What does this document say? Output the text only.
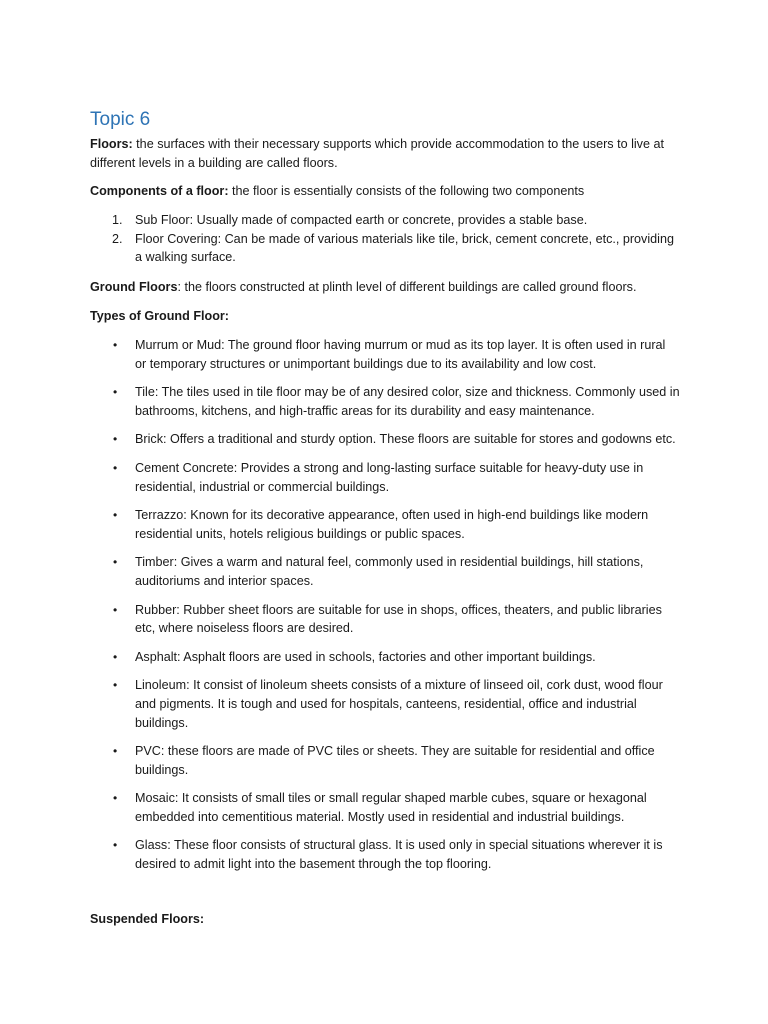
Topic 6

Floors: the surfaces with their necessary supports which provide accommodation to the users to live at different levels in a building are called floors.

Components of a floor: the floor is essentially consists of the following two components

1. Sub Floor: Usually made of compacted earth or concrete, provides a stable base.
2. Floor Covering: Can be made of various materials like tile, brick, cement concrete, etc., providing a walking surface.

Ground Floors: the floors constructed at plinth level of different buildings are called ground floors.

Types of Ground Floor:

• Murrum or Mud: The ground floor having murrum or mud as its top layer. It is often used in rural or temporary structures or unimportant buildings due to its availability and low cost.
• Tile: The tiles used in tile floor may be of any desired color, size and thickness. Commonly used in bathrooms, kitchens, and high-traffic areas for its durability and easy maintenance.
• Brick: Offers a traditional and sturdy option. These floors are suitable for stores and godowns etc.
• Cement Concrete: Provides a strong and long-lasting surface suitable for heavy-duty use in residential, industrial or commercial buildings.
• Terrazzo: Known for its decorative appearance, often used in high-end buildings like modern residential units, hotels religious buildings or public spaces.
• Timber: Gives a warm and natural feel, commonly used in residential buildings, hill stations, auditoriums and interior spaces.
• Rubber: Rubber sheet floors are suitable for use in shops, offices, theaters, and public libraries etc, where noiseless floors are desired.
• Asphalt: Asphalt floors are used in schools, factories and other important buildings.
• Linoleum: It consist of linoleum sheets consists of a mixture of linseed oil, cork dust, wood flour and pigments. It is tough and used for hospitals, canteens, residential, office and industrial buildings.
• PVC: these floors are made of PVC tiles or sheets. They are suitable for residential and office buildings.
• Mosaic: It consists of small tiles or small regular shaped marble cubes, square or hexagonal embedded into cementitious material. Mostly used in residential and industrial buildings.
• Glass: These floor consists of structural glass. It is used only in special situations wherever it is desired to admit light into the basement through the top flooring.

Suspended Floors:
